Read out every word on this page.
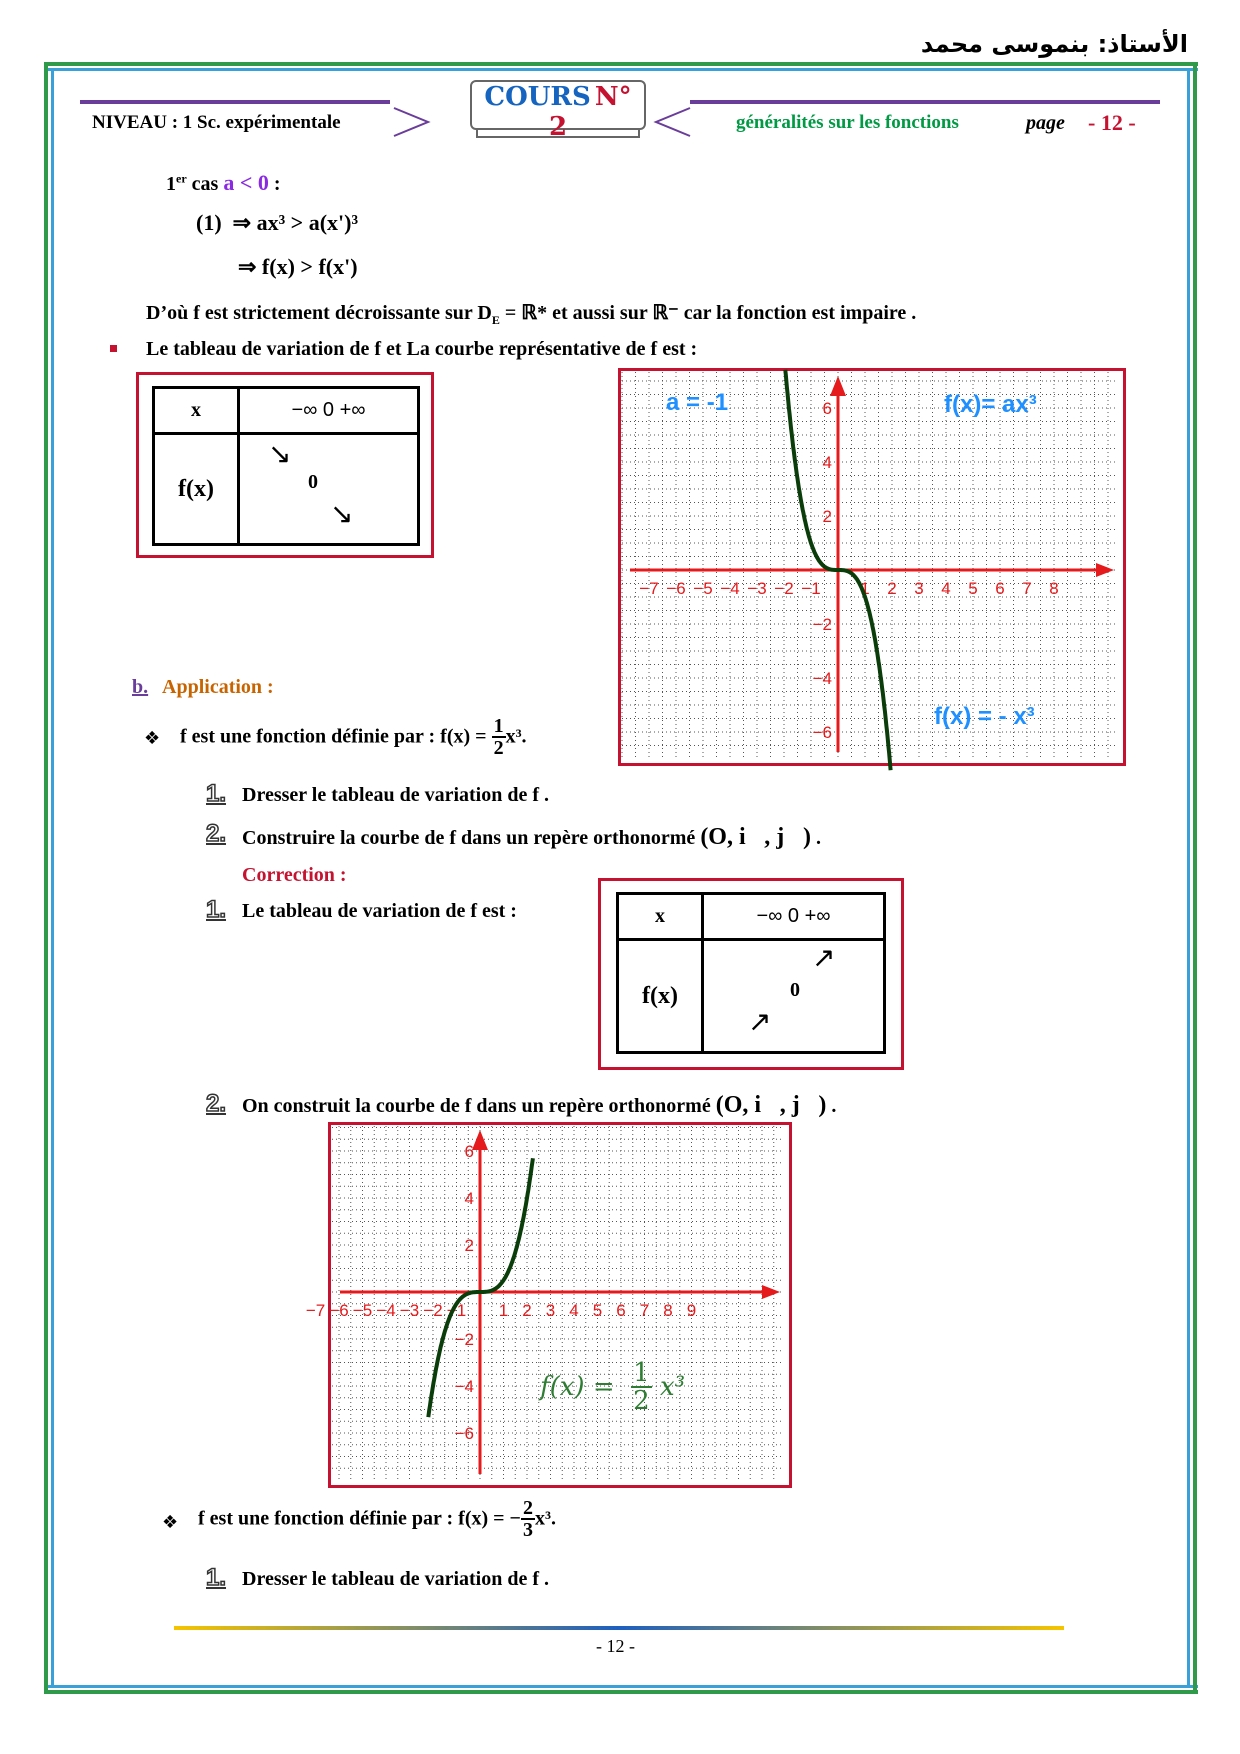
الأستاذ: بنموسى محمد
NIVEAU : 1 Sc. expérimentale
COURS N° 2	généralités sur les fonctions	page - 12 -
1er cas a < 0 :
(1) ⇒ ax³ > a(x')³
⇒ f(x) > f(x')
D’où f est strictement décroissante sur $D_E$ = ℝ* et aussi sur ℝ⁻ car la fonction est impaire .
Le tableau de variation de f et La courbe représentative de f est :
x	−∞ 0 +∞
f(x)	↘
0
↘
−7 −6 −5 −4 −3 −2 −1 1 2 3 4 5 6 7 8
6
4
2
−2
−4
−6
a = -1	f(x)= ax³
f(x) = - x³
b. Application :
❖ f est une fonction définie par : $f(x) = \frac{1}{2} x^3$.
1. Dresser le tableau de variation de f .
2. Construire la courbe de f dans un repère orthonormé (O, i⃗, j⃗) .
Correction :
1. Le tableau de variation de f est :	x	−∞ 0 +∞
f(x)	↗
0
↗
2. On construit la courbe de f dans un repère orthonormé (O, i⃗, j⃗) .
−7 −6 −5 −4 −3 −2 −1 1 2 3 4 5 6 7 8 9
6
4
2
−2
−4
−6
$f(x) = \frac{1}{2} x^3$
❖ f est une fonction définie par : f(x) = − $\frac{2}{3} x^3$.
1. Dresser le tableau de variation de f .
- 12 -
